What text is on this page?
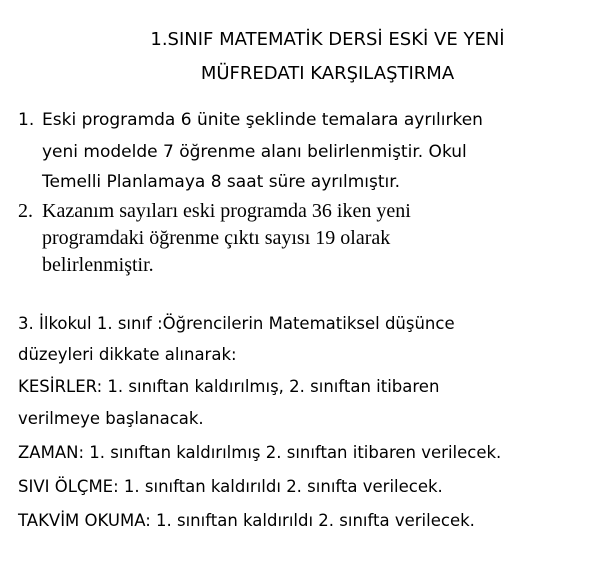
1.SINIF MATEMATİK DERSİ ESKİ VE YENİ
MÜFREDATI KARŞILAŞTIRMA
1. Eski programda 6 ünite şeklinde temalara ayrılırken
yeni modelde 7 öğrenme alanı belirlenmiştir. Okul
Temelli Planlamaya 8 saat süre ayrılmıştır.
2. Kazanım sayıları eski programda 36 iken yeni
programdaki öğrenme çıktı sayısı 19 olarak
belirlenmiştir.
3. İlkokul 1. sınıf :Öğrencilerin Matematiksel düşünce
düzeyleri dikkate alınarak:
KESİRLER: 1. sınıftan kaldırılmış, 2. sınıftan itibaren
verilmeye başlanacak.
ZAMAN: 1. sınıftan kaldırılmış 2. sınıftan itibaren verilecek.
SIVI ÖLÇME: 1. sınıftan kaldırıldı 2. sınıfta verilecek.
TAKVİM OKUMA: 1. sınıftan kaldırıldı 2. sınıfta verilecek.
